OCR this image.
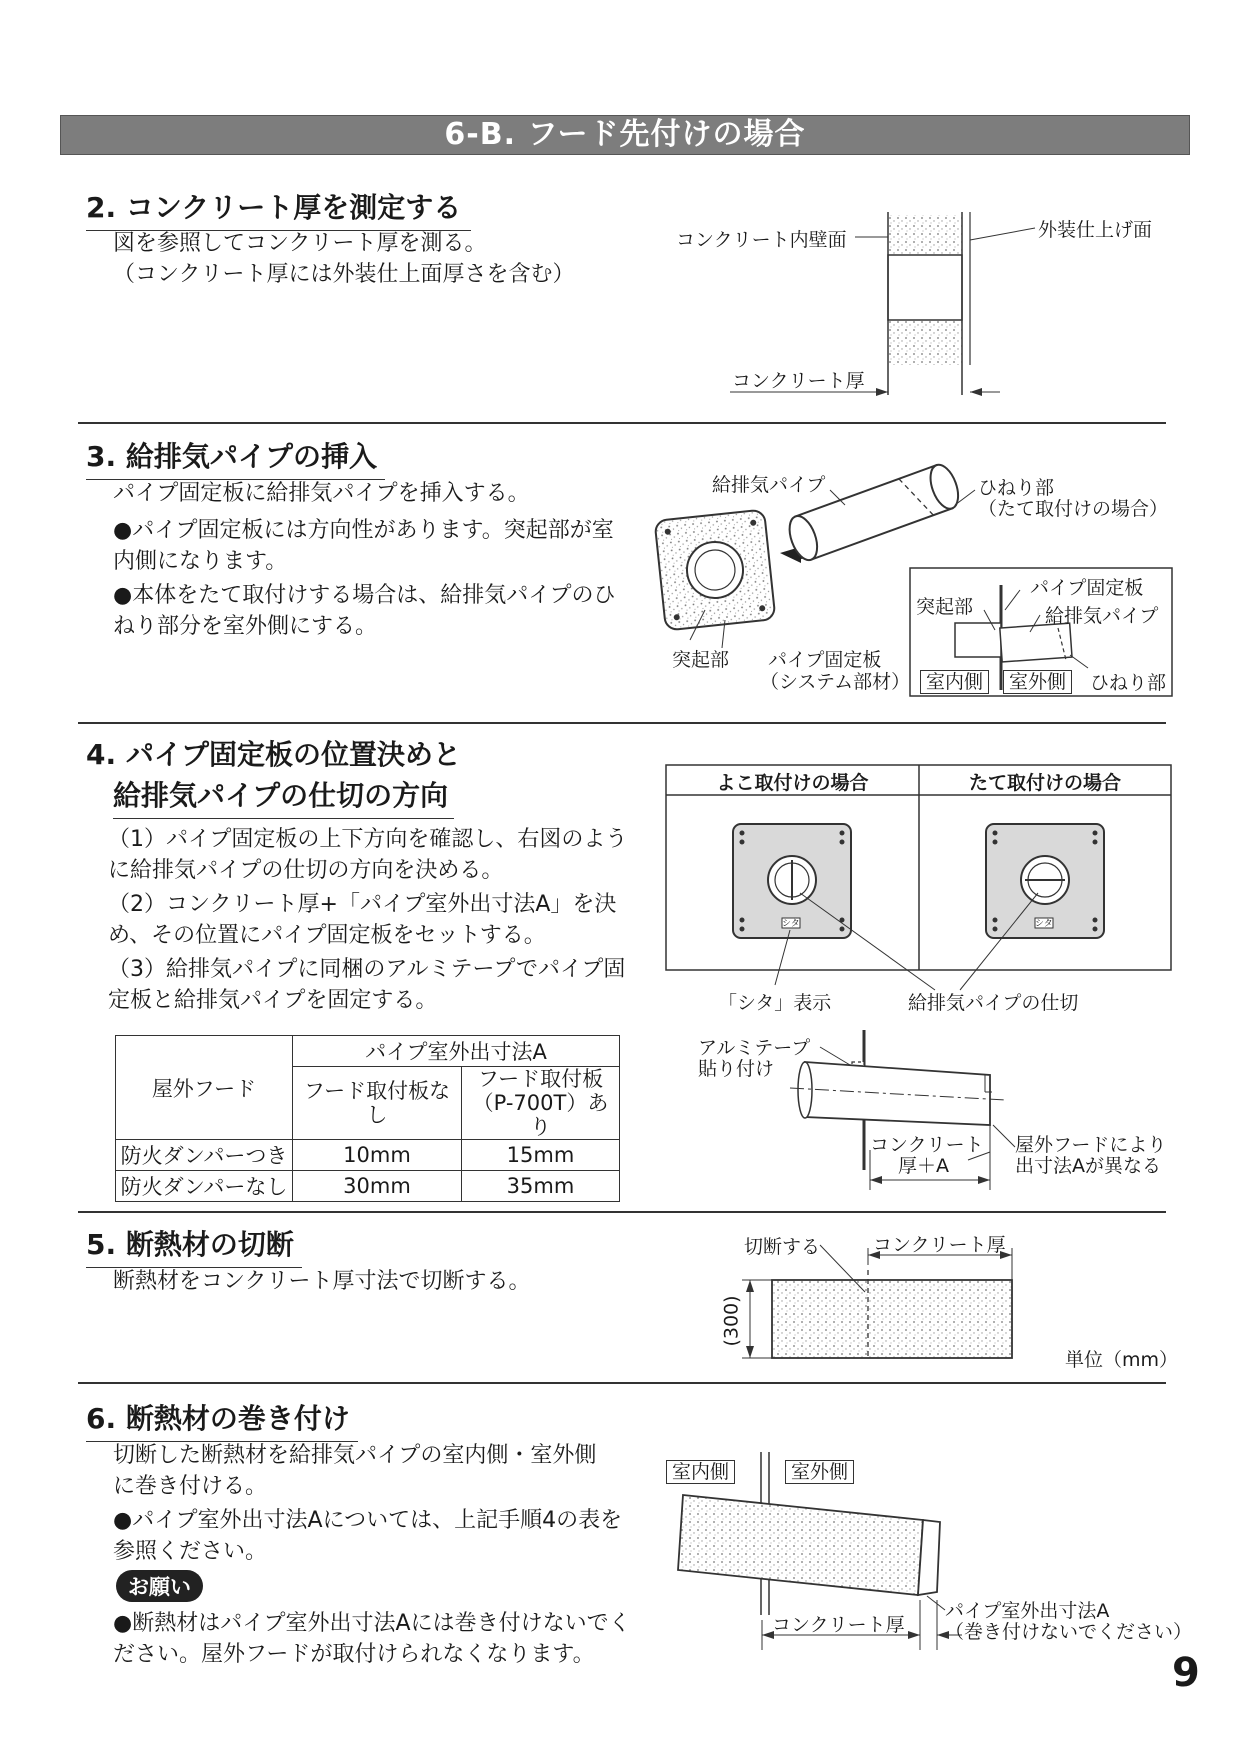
6-B. フード先付けの場合
2. コンクリート厚を測定する
図を参照してコンクリート厚を測る。
（コンクリート厚には外装仕上面厚さを含む）
コンクリート内壁面	外装仕上げ面
コンクリート厚
3. 給排気パイプの挿入
パイプ固定板に給排気パイプを挿入する。
●パイプ固定板には方向性があります。突起部が室内側になります。
●本体をたて取付けする場合は、給排気パイプのひねり部分を室外側にする。
給排気パイプ	ひねり部
（たて取付けの場合）
突起部 パイプ固定板
（システム部材）
突起部
パイプ固定板
給排気パイプ
室内側	室外側	ひねり部
4. パイプ固定板の位置決めと
給排気パイプの仕切の方向
（1）パイプ固定板の上下方向を確認し、右図のように給排気パイプの仕切の方向を決める。
（2）コンクリート厚+「パイプ室外出寸法A」を決め、その位置にパイプ固定板をセットする。
（3）給排気パイプに同梱のアルミテープでパイプ固定板と給排気パイプを固定する。
屋外フード	パイプ室外出寸法A	
	フード取付板なし	フード取付板（P-700T）あり
防火ダンパーつき	10mm	15mm
防火ダンパーなし	30mm	35mm
よこ取付けの場合	たて取付けの場合
シタ	シタ
「シタ」表示	給排気パイプの仕切
アルミテープ
貼り付け
コンクリート
厚＋A
屋外フードにより
出寸法Aが異なる
5. 断熱材の切断
断熱材をコンクリート厚寸法で切断する。
切断する	コンクリート厚
(300)
単位（mm）
6. 断熱材の巻き付け
切断した断熱材を給排気パイプの室内側・室外側
に巻き付ける。
●パイプ室外出寸法Aについては、上記手順4の表を参照ください。
お願い
●断熱材はパイプ室外出寸法Aには巻き付けないでください。屋外フードが取付けられなくなります。
室内側	室外側
コンクリート厚
パイプ室外出寸法A
（巻き付けないでください）
9
